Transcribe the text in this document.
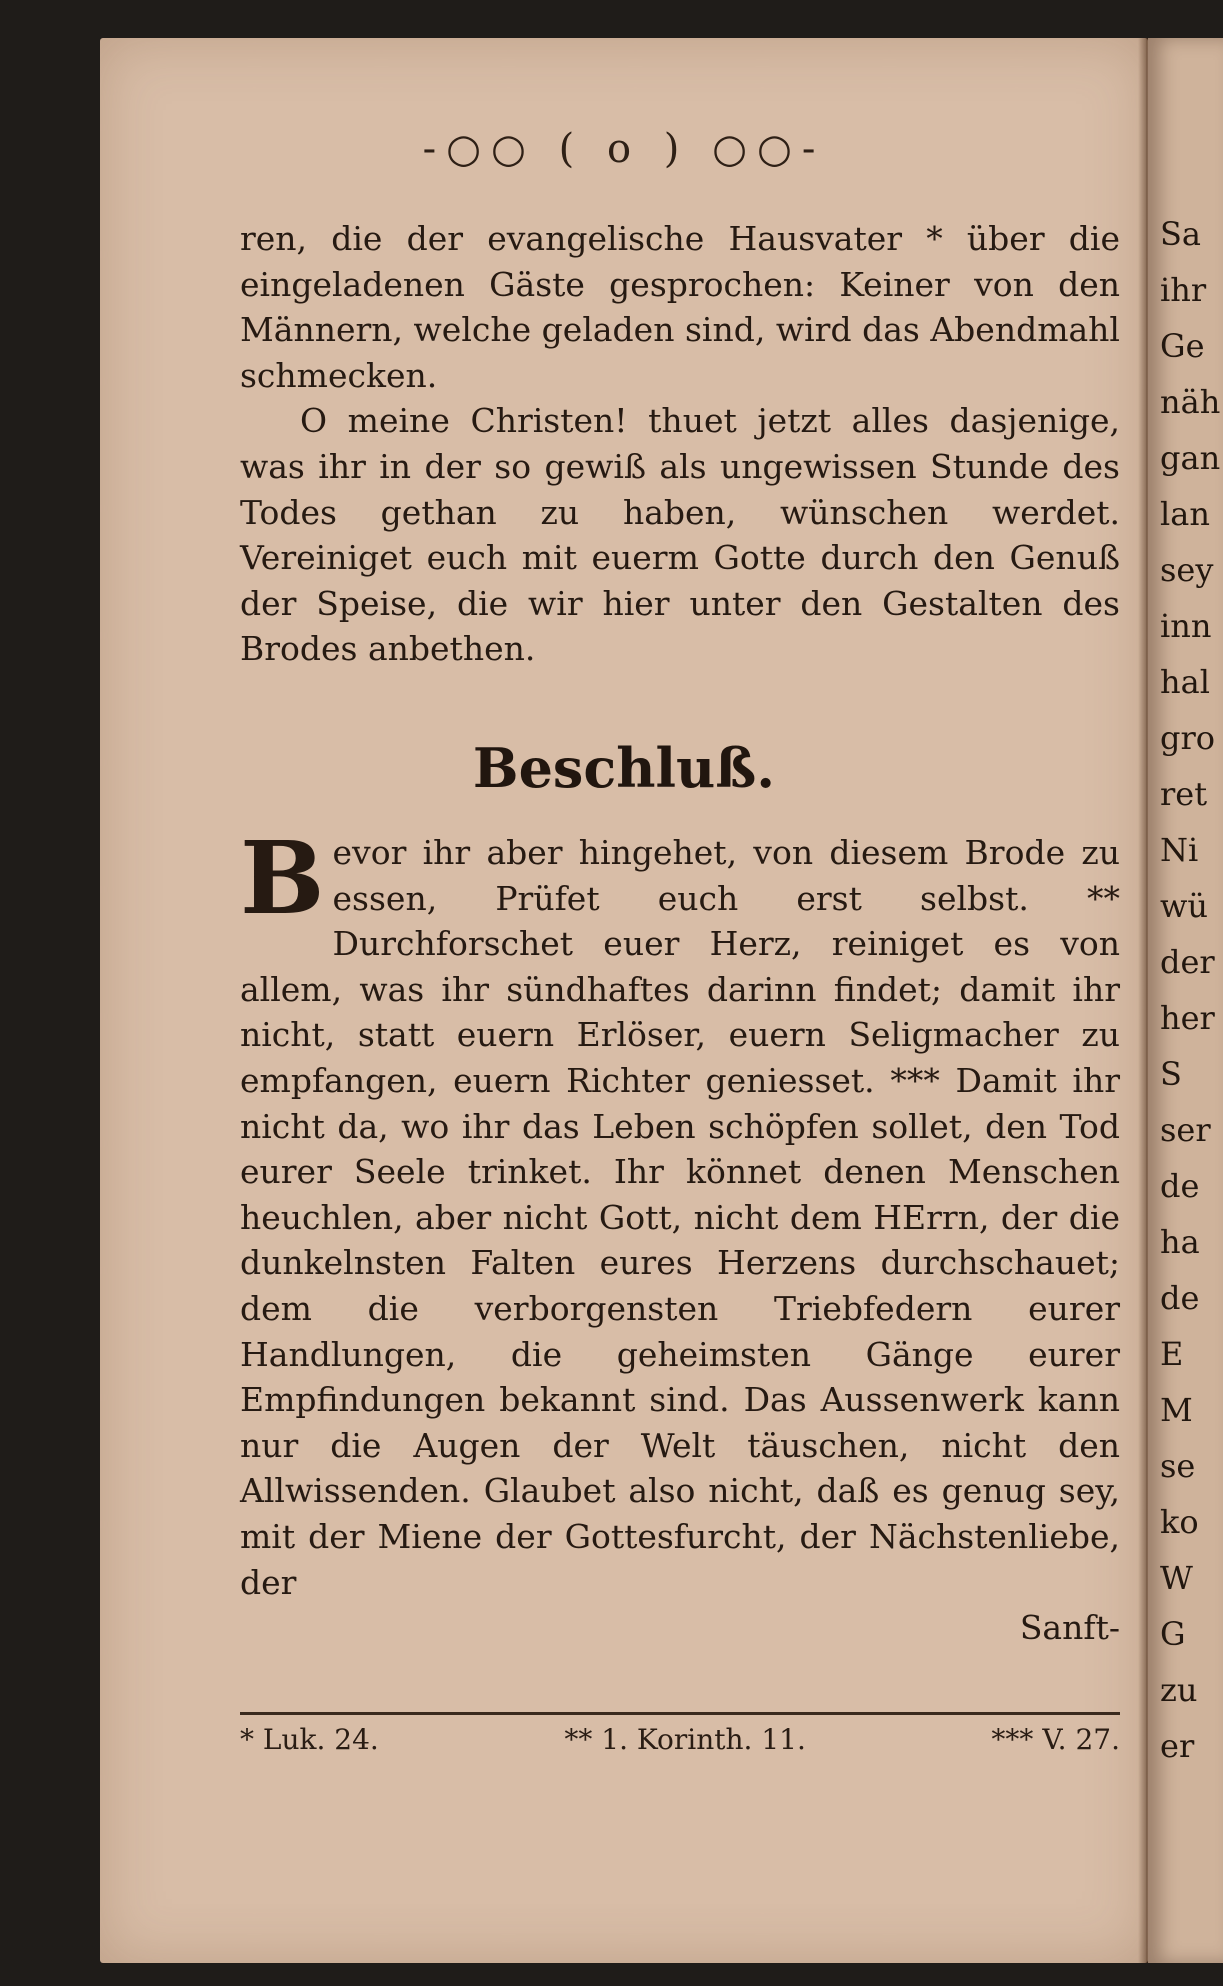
-○○ ( o ) ○○-

ren, die der evangelische Hausvater * über die eingeladenen Gäste gesprochen: Keiner von den Männern, welche geladen sind, wird das Abendmahl schmecken.

O meine Christen! thuet jetzt alles dasjenige, was ihr in der so gewiß als ungewissen Stunde des Todes gethan zu haben, wünschen werdet. Vereiniget euch mit euerm Gotte durch den Genuß der Speise, die wir hier unter den Gestalten des Brodes anbethen.

Beschluß.

B evor ihr aber hingehet, von diesem Brode zu essen, Prüfet euch erst selbst. ** Durchforschet euer Herz, reiniget es von allem, was ihr sündhaftes darinn findet; damit ihr nicht, statt euern Erlöser, euern Seligmacher zu empfangen, euern Richter geniesset. *** Damit ihr nicht da, wo ihr das Leben schöpfen sollet, den Tod eurer Seele trinket. Ihr könnet denen Menschen heuchlen, aber nicht Gott, nicht dem HErrn, der die dunkelnsten Falten eures Herzens durchschauet; dem die verborgensten Triebfedern eurer Handlungen, die geheimsten Gänge eurer Empfindungen bekannt sind. Das Aussenwerk kann nur die Augen der Welt täuschen, nicht den Allwissenden. Glaubet also nicht, daß es genug sey, mit der Miene der Gottesfurcht, der Nächstenliebe, der

Sanft-

* Luk. 24.	** 1. Korinth. 11.	*** V. 27.
Sa
ihr
Ge
näh
gan
lan
sey
inn
hal
gro
ret
Ni
wü
der
her
S
ser
de
ha
de
E
M
se
ko
W
G
zu
er
